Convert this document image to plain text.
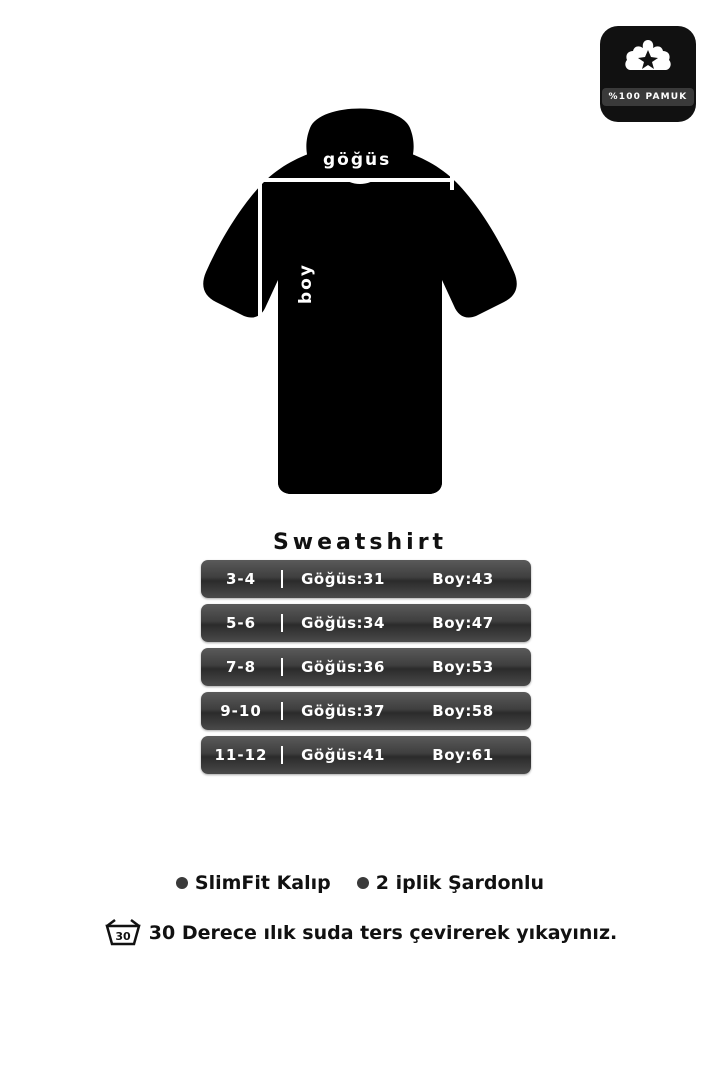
%100 PAMUK
göğüs
boy
Sweatshirt
3-4	Göğüs:31	Boy:43
5-6	Göğüs:34	Boy:47
7-8	Göğüs:36	Boy:53
9-10	Göğüs:37	Boy:58
11-12	Göğüs:41	Boy:61
SlimFit Kalıp 2 iplik Şardonlu
30 30 Derece ılık suda ters çevirerek yıkayınız.
